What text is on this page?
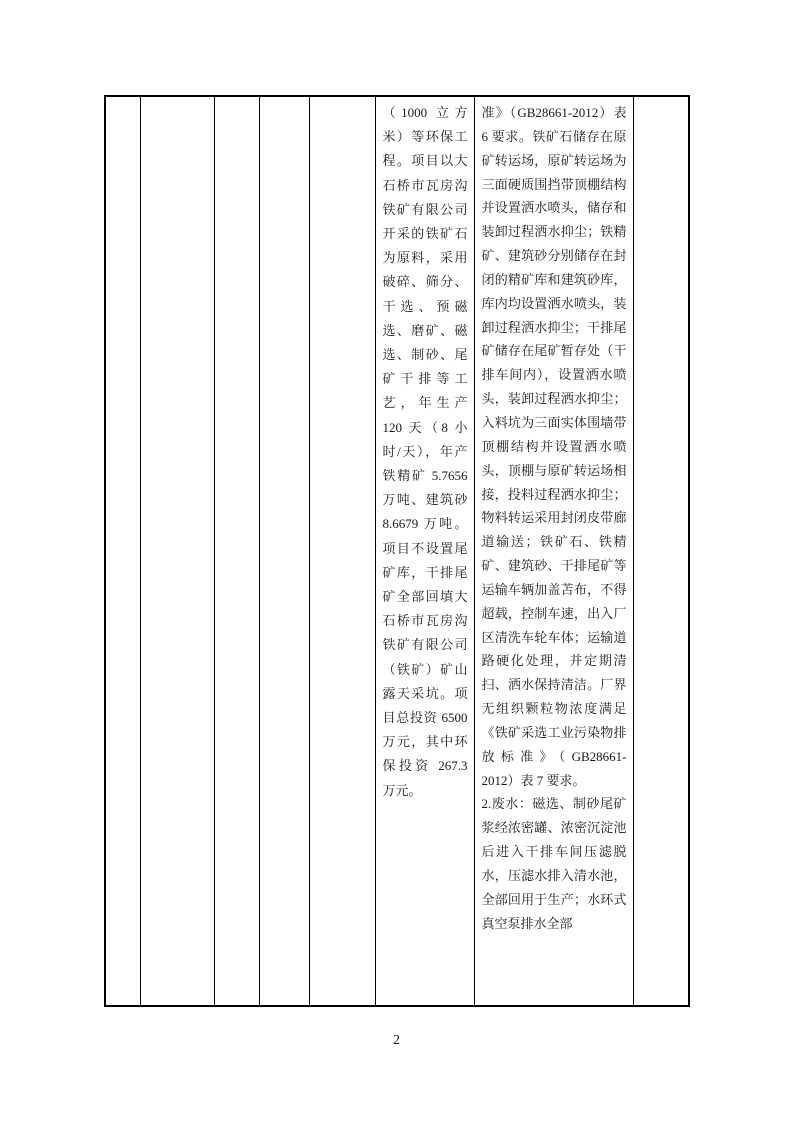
（1000 立方米）等环保工程。项目以大石桥市瓦房沟铁矿有限公司开采的铁矿石为原料，采用破碎、筛分、干选、预磁选、磨矿、磁选、制砂、尾矿干排等工艺，年生产 120 天（8 小时/天），年产铁精矿 5.7656 万吨、建筑砂 8.6679 万吨。项目不设置尾矿库，干排尾矿全部回填大石桥市瓦房沟铁矿有限公司（铁矿）矿山露天采坑。项目总投资 6500 万元，其中环保投资 267.3 万元。

准》（GB28661-2012）表 6 要求。铁矿石储存在原矿转运场，原矿转运场为三面硬质围挡带顶棚结构并设置洒水喷头，储存和装卸过程洒水抑尘；铁精矿、建筑砂分别储存在封闭的精矿库和建筑砂库，库内均设置洒水喷头，装卸过程洒水抑尘；干排尾矿储存在尾矿暂存处（干排车间内），设置洒水喷头，装卸过程洒水抑尘；入料坑为三面实体围墙带顶棚结构并设置洒水喷头，顶棚与原矿转运场相接，投料过程洒水抑尘；物料转运采用封闭皮带廊道输送；铁矿石、铁精矿、建筑砂、干排尾矿等运输车辆加盖苫布，不得超载，控制车速，出入厂区清洗车轮车体；运输道路硬化处理，并定期清扫、洒水保持清洁。厂界无组织颗粒物浓度满足《铁矿采选工业污染物排放标准》（GB28661-2012）表 7 要求。

2.废水：磁选、制砂尾矿浆经浓密罐、浓密沉淀池后进入干排车间压滤脱水，压滤水排入清水池，全部回用于生产；水环式真空泵排水全部

2
